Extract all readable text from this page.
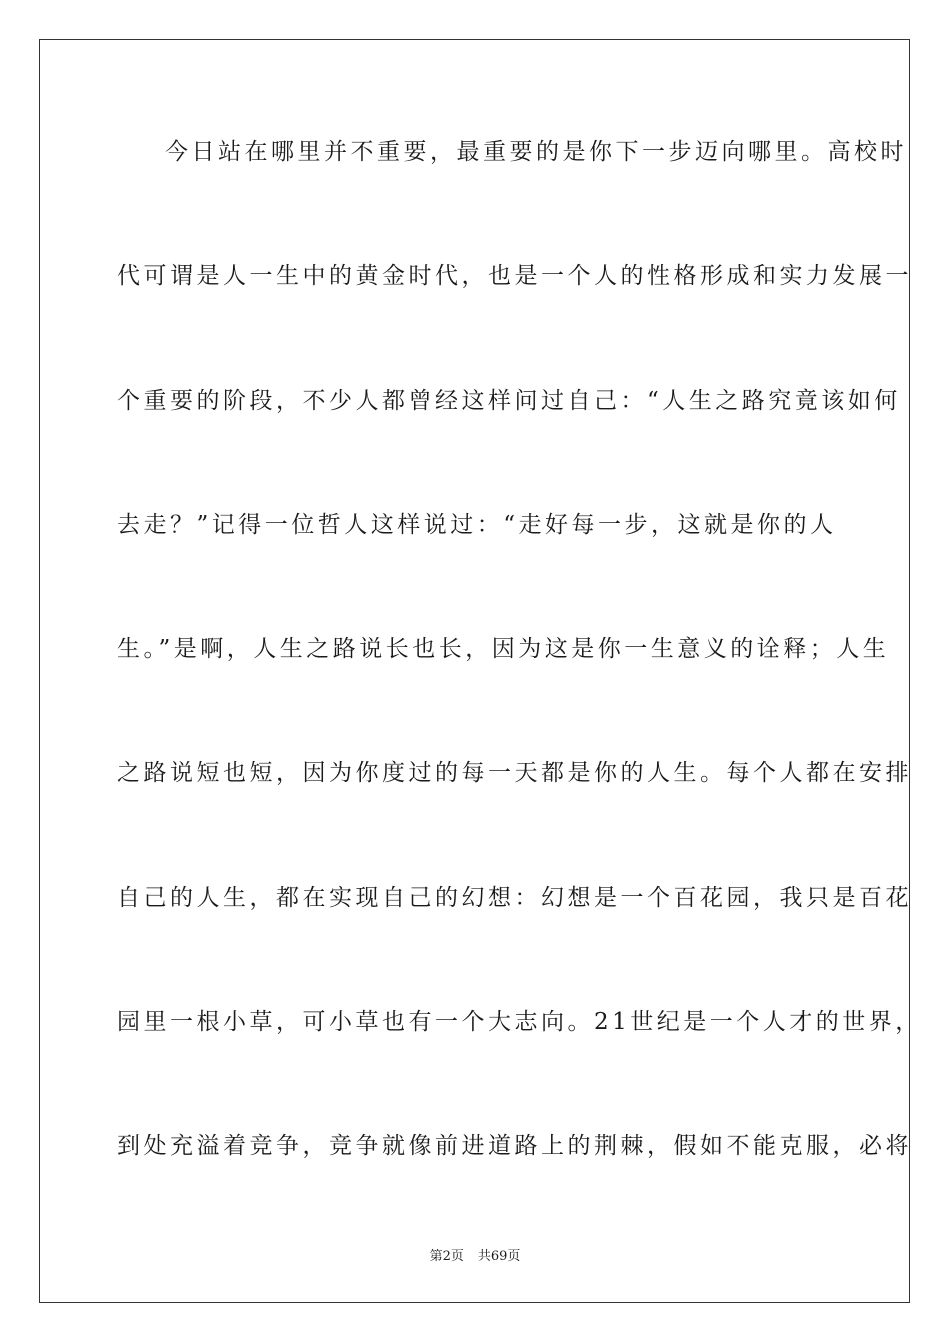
今日站在哪里并不重要，最重要的是你下一步迈向哪里。高校时
代可谓是人一生中的黄金时代，也是一个人的性格形成和实力发展一
个重要的阶段，不少人都曾经这样问过自己：“人生之路究竟该如何
去走？”记得一位哲人这样说过：“走好每一步，这就是你的人
生。”是啊，人生之路说长也长，因为这是你一生意义的诠释；人生
之路说短也短，因为你度过的每一天都是你的人生。每个人都在安排
自己的人生，都在实现自己的幻想：幻想是一个百花园，我只是百花
园里一根小草，可小草也有一个大志向。21世纪是一个人才的世界，
到处充溢着竞争，竞争就像前进道路上的荆棘，假如不能克服，必将
第2页 共69页
